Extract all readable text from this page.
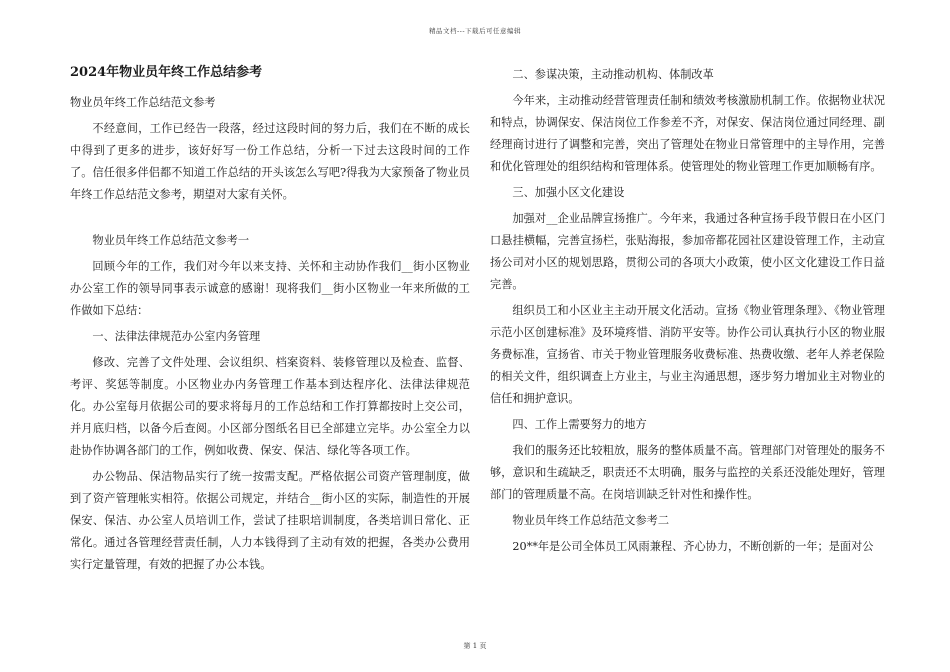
精品文档---下载后可任意编辑
2024年物业员年终工作总结参考

物业员年终工作总结范文参考

不经意间，工作已经告一段落，经过这段时间的努力后，我们在不断的成长中得到了更多的进步，该好好写一份工作总结，分析一下过去这段时间的工作了。信任很多伴侣都不知道工作总结的开头该怎么写吧?得我为大家预备了物业员年终工作总结范文参考，期望对大家有关怀。

物业员年终工作总结范文参考一

回顾今年的工作，我们对今年以来支持、关怀和主动协作我们__街小区物业办公室工作的领导同事表示诚意的感谢！现将我们__街小区物业一年来所做的工作做如下总结：

一、法律法律规范办公室内务管理

修改、完善了文件处理、会议组织、档案资料、装修管理以及检查、监督、考评、奖惩等制度。小区物业办内务管理工作基本到达程序化、法律法律规范化。办公室每月依据公司的要求将每月的工作总结和工作打算都按时上交公司，并月底归档，以备今后查阅。小区部分图纸名目已全部建立完毕。办公室全力以赴协作协调各部门的工作，例如收费、保安、保洁、绿化等各项工作。

办公物品、保洁物品实行了统一按需支配。严格依据公司资产管理制度，做到了资产管理帐实相符。依据公司规定，并结合__街小区的实际，制造性的开展保安、保洁、办公室人员培训工作，尝试了挂职培训制度，各类培训日常化、正常化。通过各管理经营责任制，人力本钱得到了主动有效的把握，各类办公费用实行定量管理，有效的把握了办公本钱。

二、参谋决策，主动推动机构、体制改革

今年来，主动推动经营管理责任制和绩效考核激励机制工作。依据物业状况和特点，协调保安、保洁岗位工作参差不齐，对保安、保洁岗位通过同经理、副经理商讨进行了调整和完善，突出了管理处在物业日常管理中的主导作用，完善和优化管理处的组织结构和管理体系。使管理处的物业管理工作更加顺畅有序。

三、加强小区文化建设

加强对__企业品牌宣扬推广。今年来，我通过各种宣扬手段节假日在小区门口悬挂横幅，完善宣扬栏，张贴海报，参加帝都花园社区建设管理工作，主动宣扬公司对小区的规划思路，贯彻公司的各项大小政策，使小区文化建设工作日益完善。

组织员工和小区业主主动开展文化活动。宣扬《物业管理条理》、《物业管理示范小区创建标准》及环境疼惜、消防平安等。协作公司认真执行小区的物业服务费标准，宣扬省、市关于物业管理服务收费标准、热费收缴、老年人养老保险的相关文件，组织调查上方业主，与业主沟通思想，逐步努力增加业主对物业的信任和拥护意识。

四、工作上需要努力的地方

我们的服务还比较粗放，服务的整体质量不高。管理部门对管理处的服务不够，意识和生疏缺乏，职责还不太明确，服务与监控的关系还没能处理好，管理部门的管理质量不高。在岗培训缺乏针对性和操作性。

物业员年终工作总结范文参考二

20**年是公司全体员工风雨兼程、齐心协力，不断创新的一年；是面对公

第 1 页
